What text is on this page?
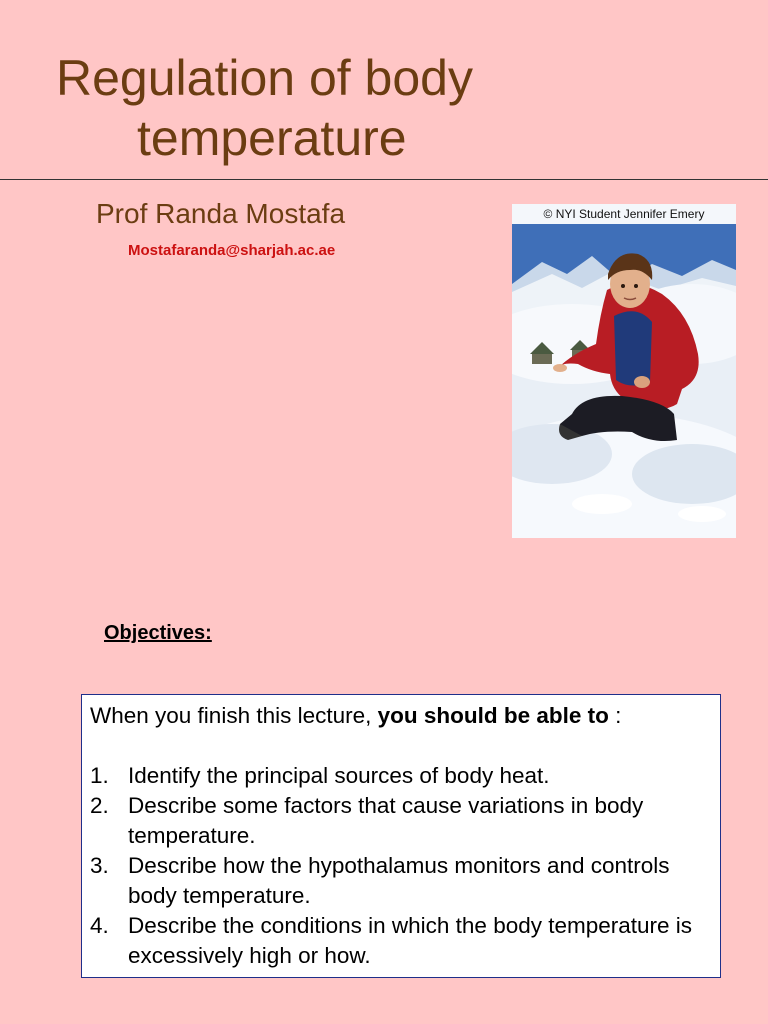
Regulation of body
temperature
Prof Randa Mostafa
Mostafaranda@sharjah.ac.ae
© NYI Student Jennifer Emery
Objectives:

When you finish this lecture, you should be able to :

1. Identify the principal sources of body heat.
2. Describe some factors that cause variations in body temperature.
3. Describe how the hypothalamus monitors and controls body temperature.
4. Describe the conditions in which the body temperature is excessively high or how.
